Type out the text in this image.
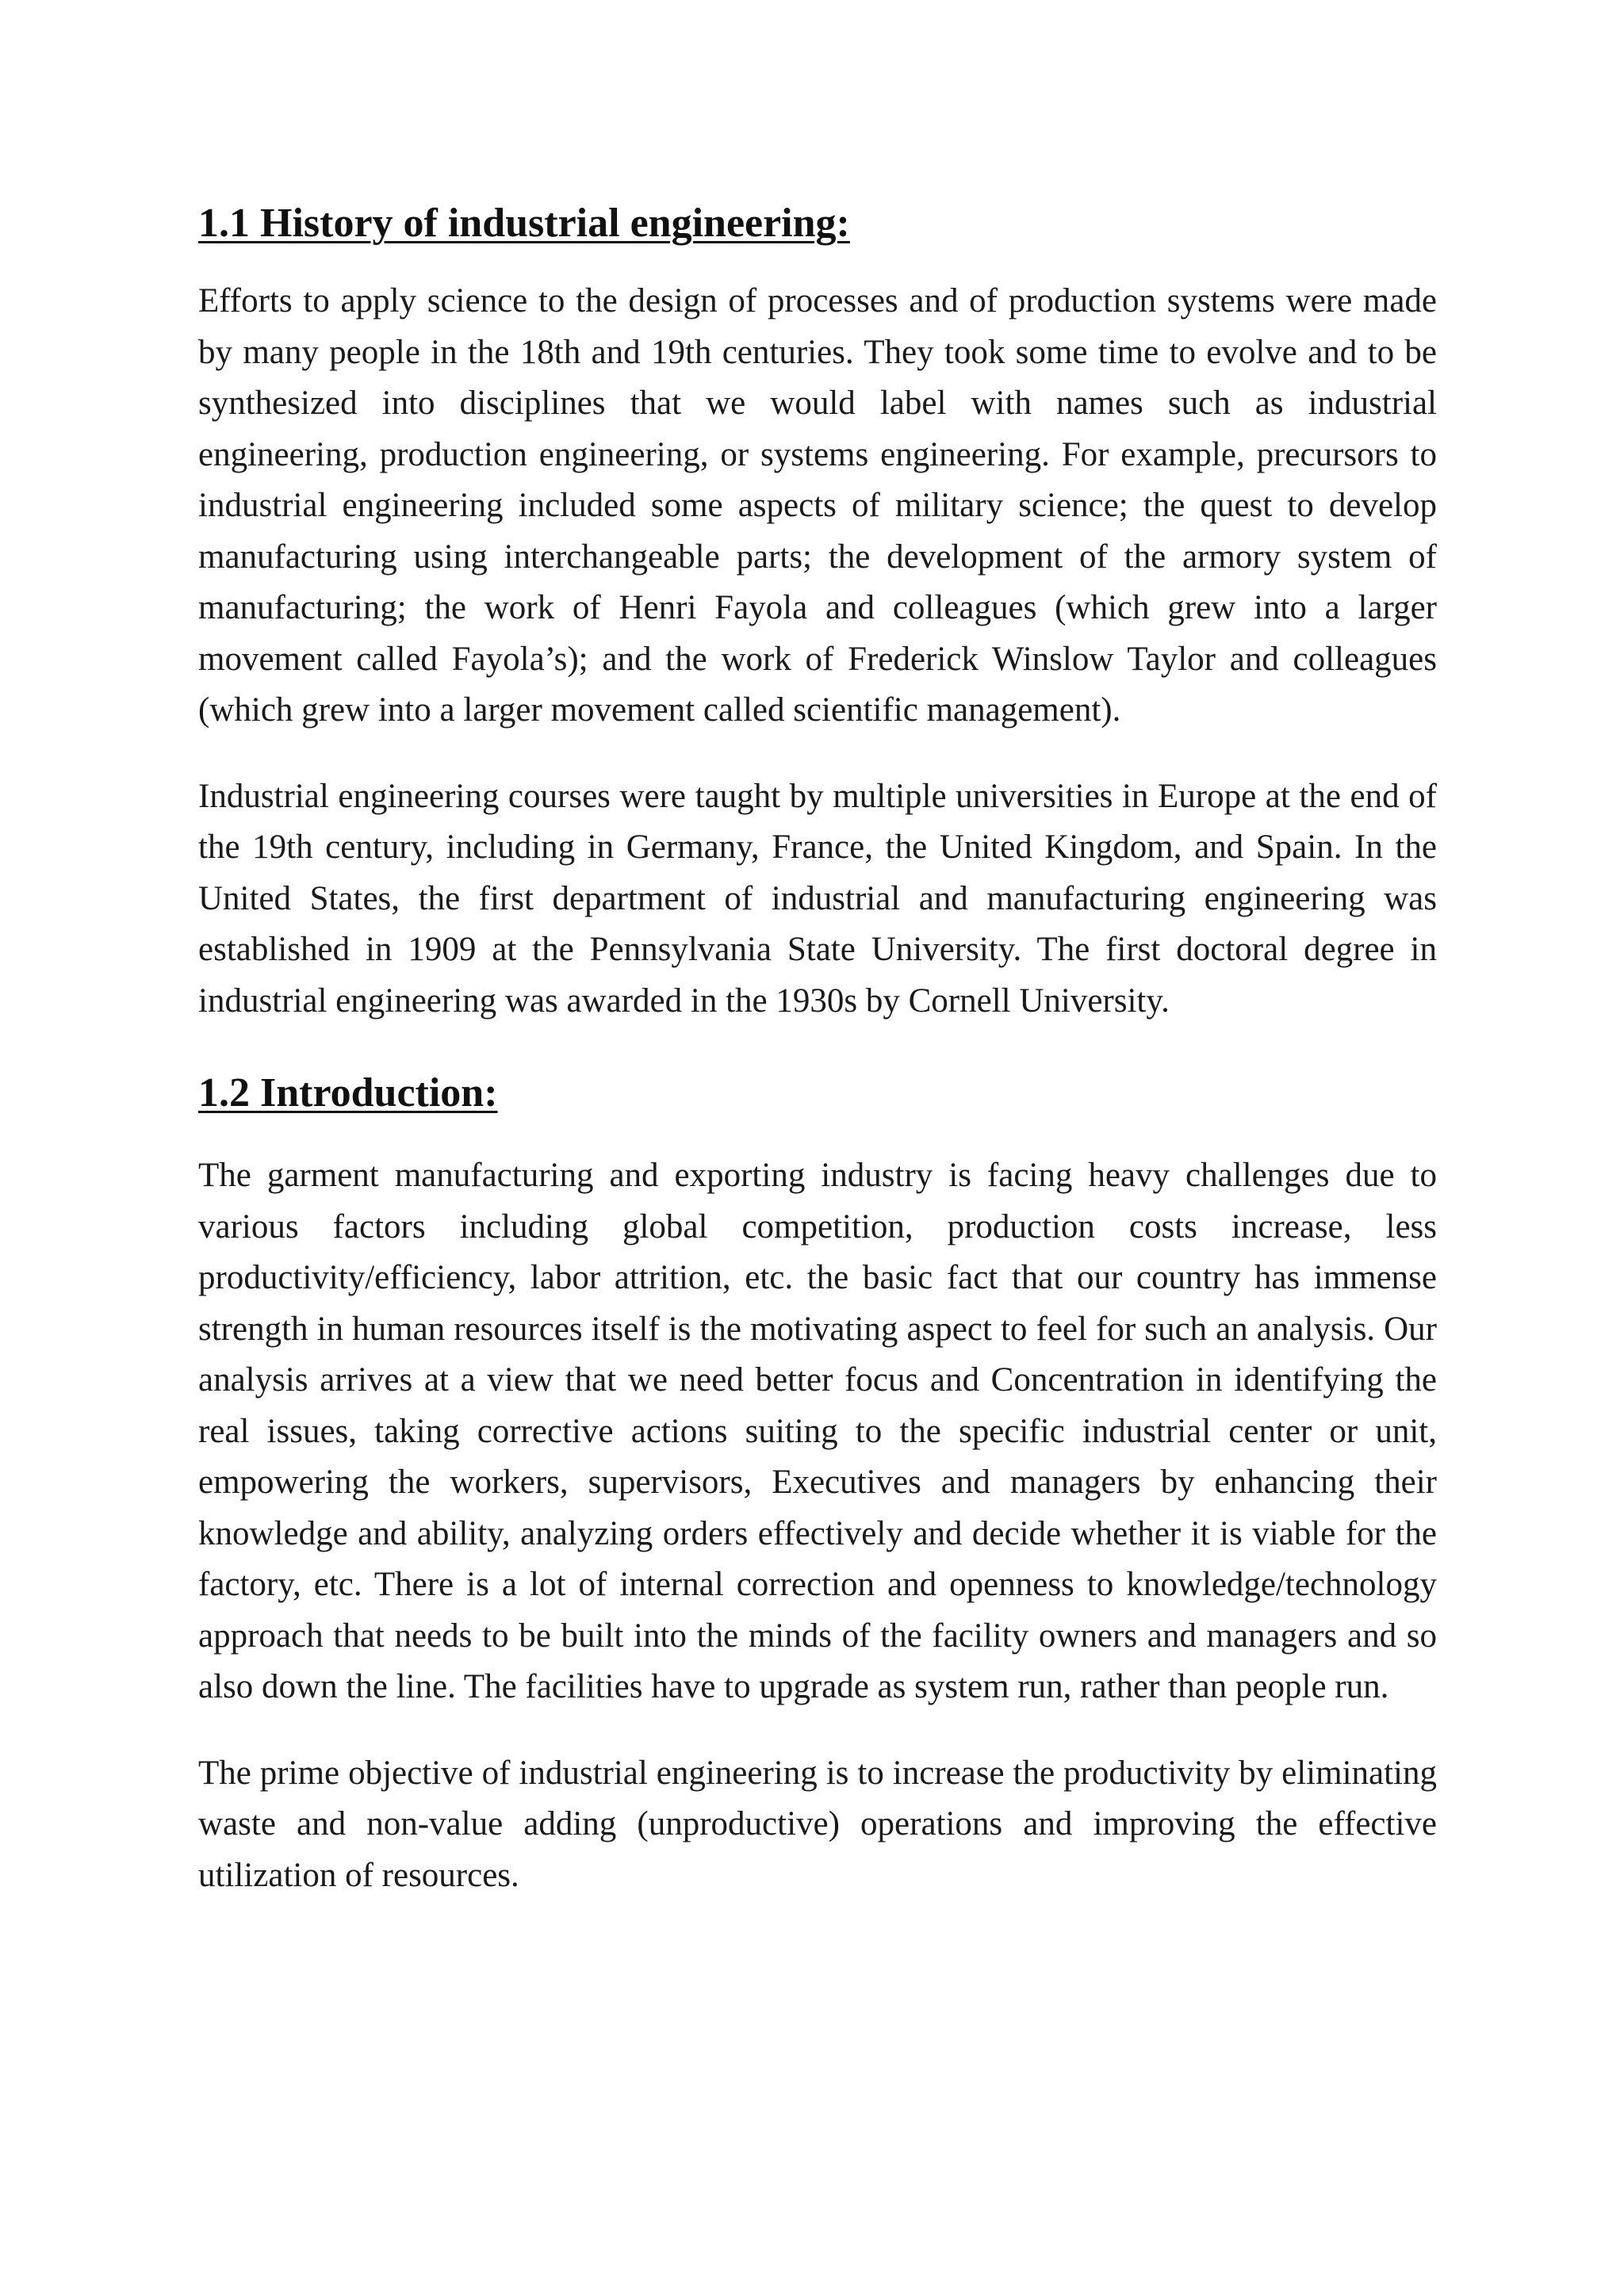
1.1 History of industrial engineering:

Efforts to apply science to the design of processes and of production systems were made by many people in the 18th and 19th centuries. They took some time to evolve and to be synthesized into disciplines that we would label with names such as industrial engineering, production engineering, or systems engineering. For example, precursors to industrial engineering included some aspects of military science; the quest to develop manufacturing using interchangeable parts; the development of the armory system of manufacturing; the work of Henri Fayola and colleagues (which grew into a larger movement called Fayola’s); and the work of Frederick Winslow Taylor and colleagues (which grew into a larger movement called scientific management).

Industrial engineering courses were taught by multiple universities in Europe at the end of the 19th century, including in Germany, France, the United Kingdom, and Spain. In the United States, the first department of industrial and manufacturing engineering was established in 1909 at the Pennsylvania State University. The first doctoral degree in industrial engineering was awarded in the 1930s by Cornell University.

1.2 Introduction:

The garment manufacturing and exporting industry is facing heavy challenges due to various factors including global competition, production costs increase, less productivity/efficiency, labor attrition, etc. the basic fact that our country has immense strength in human resources itself is the motivating aspect to feel for such an analysis. Our analysis arrives at a view that we need better focus and Concentration in identifying the real issues, taking corrective actions suiting to the specific industrial center or unit, empowering the workers, supervisors, Executives and managers by enhancing their knowledge and ability, analyzing orders effectively and decide whether it is viable for the factory, etc. There is a lot of internal correction and openness to knowledge/technology approach that needs to be built into the minds of the facility owners and managers and so also down the line. The facilities have to upgrade as system run, rather than people run.

The prime objective of industrial engineering is to increase the productivity by eliminating waste and non-value adding (unproductive) operations and improving the effective utilization of resources.
